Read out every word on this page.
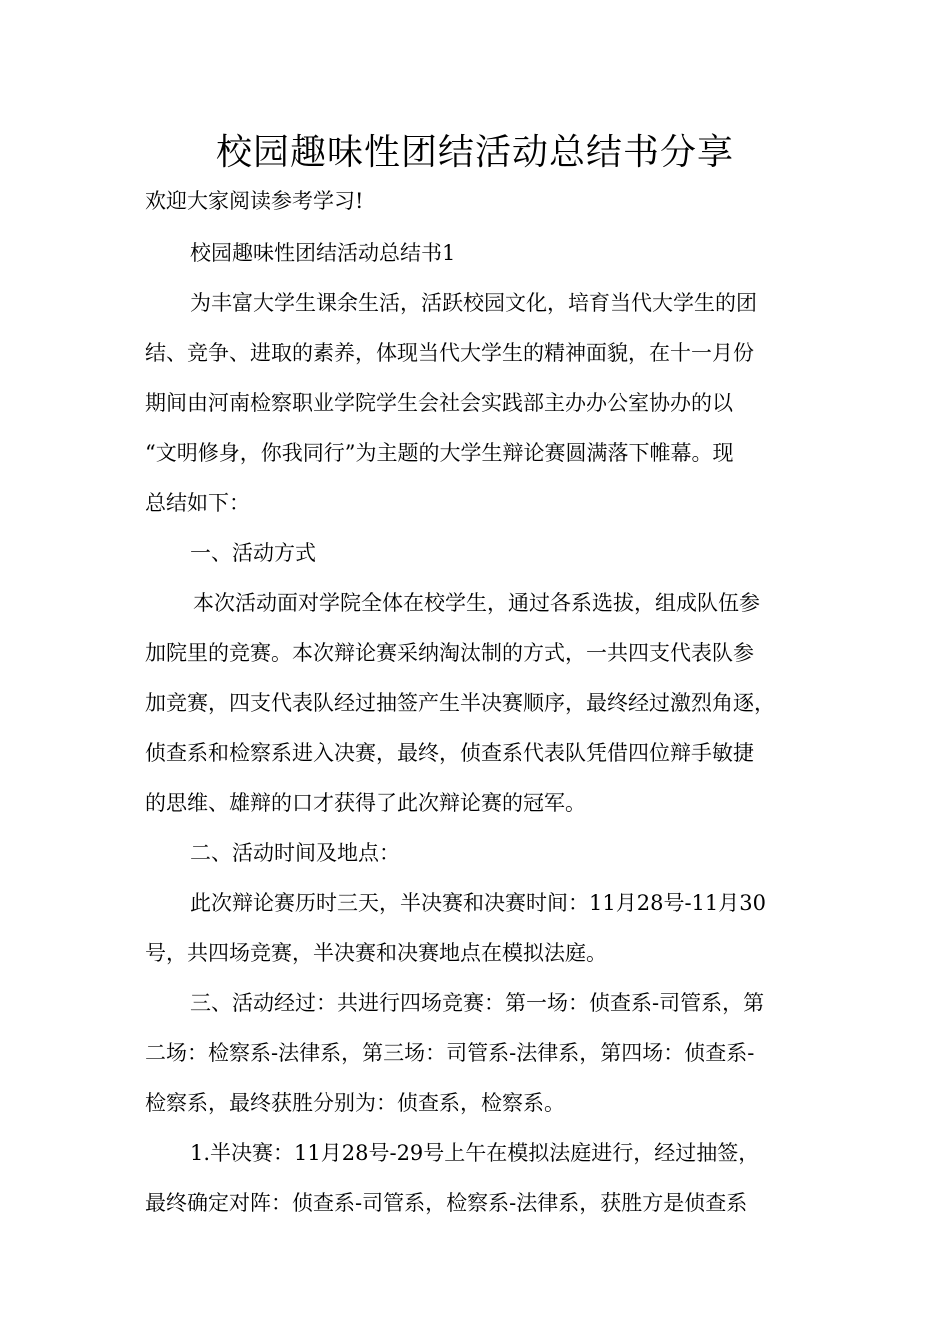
校园趣味性团结活动总结书分享
欢迎大家阅读参考学习!
校园趣味性团结活动总结书1
为丰富大学生课余生活，活跃校园文化，培育当代大学生的团
结、竞争、进取的素养，体现当代大学生的精神面貌，在十一月份
期间由河南检察职业学院学生会社会实践部主办办公室协办的以
“文明修身，你我同行”为主题的大学生辩论赛圆满落下帷幕。现
总结如下：
一、活动方式
本次活动面对学院全体在校学生，通过各系选拔，组成队伍参
加院里的竞赛。本次辩论赛采纳淘汰制的方式，一共四支代表队参
加竞赛，四支代表队经过抽签产生半决赛顺序，最终经过激烈角逐，
侦查系和检察系进入决赛，最终，侦查系代表队凭借四位辩手敏捷
的思维、雄辩的口才获得了此次辩论赛的冠军。
二、活动时间及地点：
此次辩论赛历时三天，半决赛和决赛时间：11月28号-11月30
号，共四场竞赛，半决赛和决赛地点在模拟法庭。
三、活动经过：共进行四场竞赛：第一场：侦查系-司管系，第
二场：检察系-法律系，第三场：司管系-法律系，第四场：侦查系-
检察系，最终获胜分别为：侦查系，检察系。
1.半决赛：11月28号-29号上午在模拟法庭进行，经过抽签，
最终确定对阵：侦查系-司管系，检察系-法律系，获胜方是侦查系
